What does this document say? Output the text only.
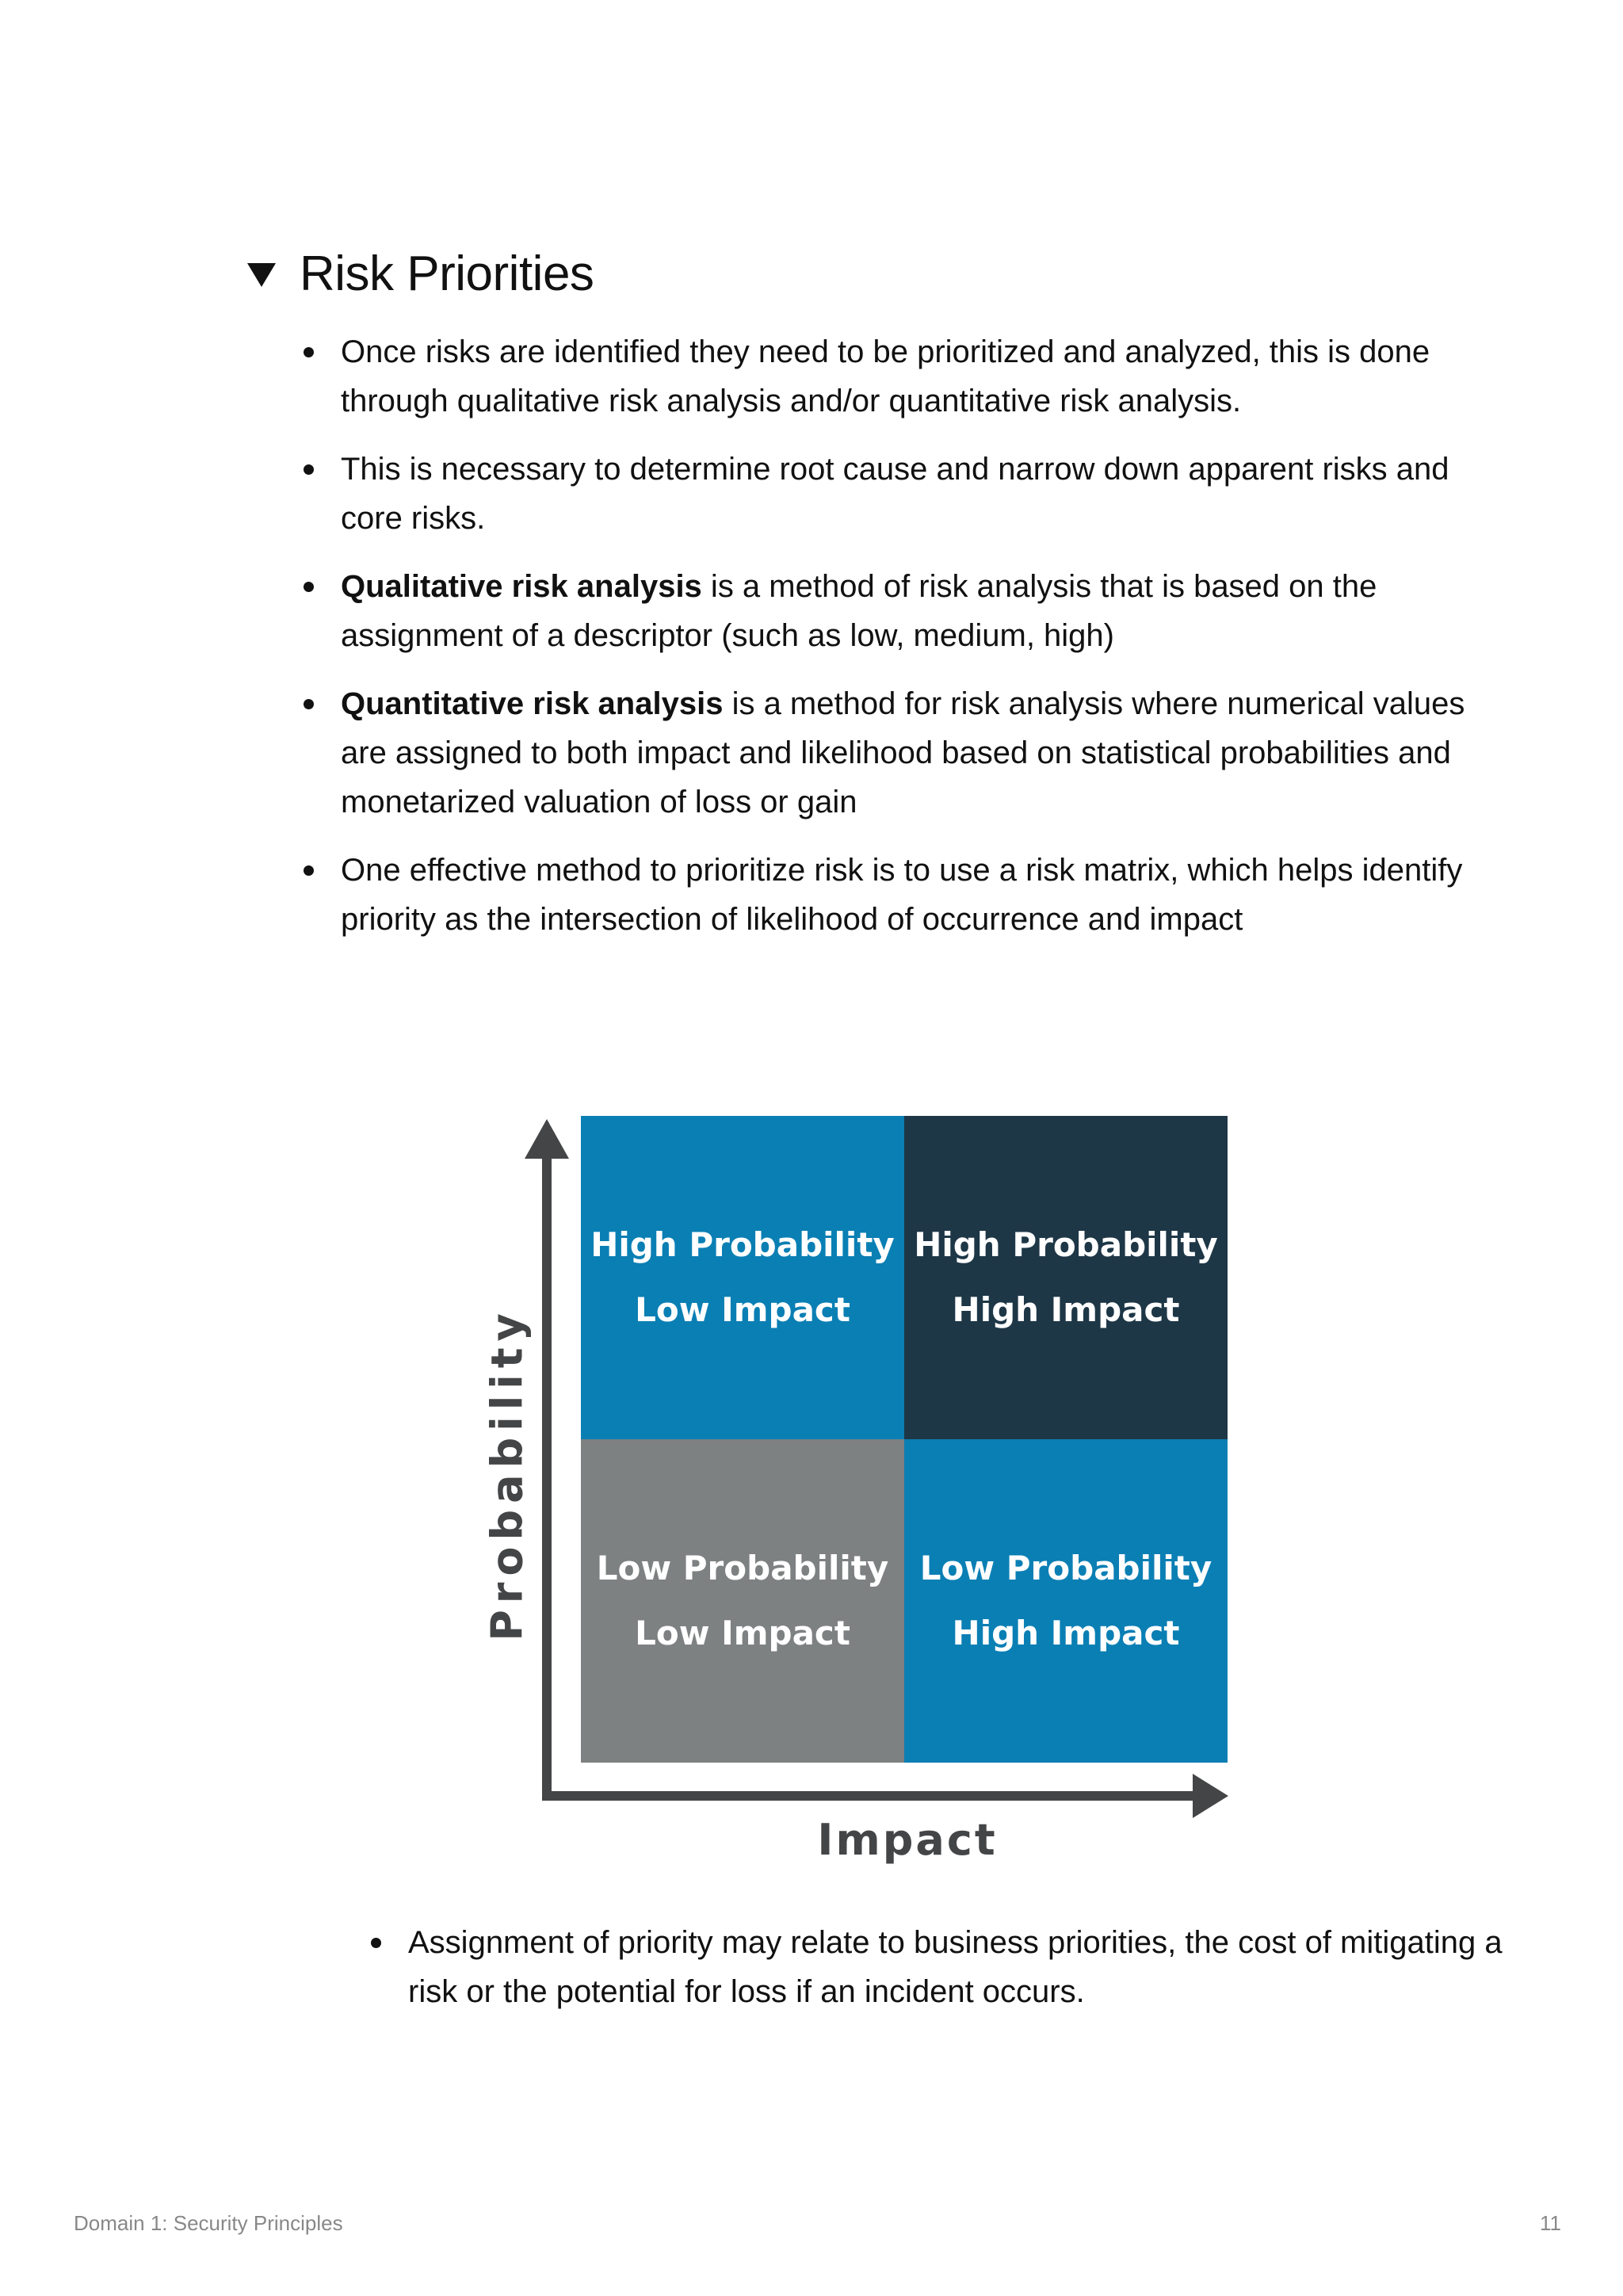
Risk Priorities
Once risks are identified they need to be prioritized and analyzed, this is done through qualitative risk analysis and/or quantitative risk analysis.
This is necessary to determine root cause and narrow down apparent risks and core risks.
Qualitative risk analysis is a method of risk analysis that is based on the assignment of a descriptor (such as low, medium, high)
Quantitative risk analysis is a method for risk analysis where numerical values are assigned to both impact and likelihood based on statistical probabilities and monetarized valuation of loss or gain
One effective method to prioritize risk is to use a risk matrix, which helps identify priority as the intersection of likelihood of occurrence and impact
High Probability
Low Impact
High Probability
High Impact
Low Probability
Low Impact
Low Probability
High Impact
Probability
Impact
Assignment of priority may relate to business priorities, the cost of mitigating a risk or the potential for loss if an incident occurs.
Domain 1: Security Principles	11
